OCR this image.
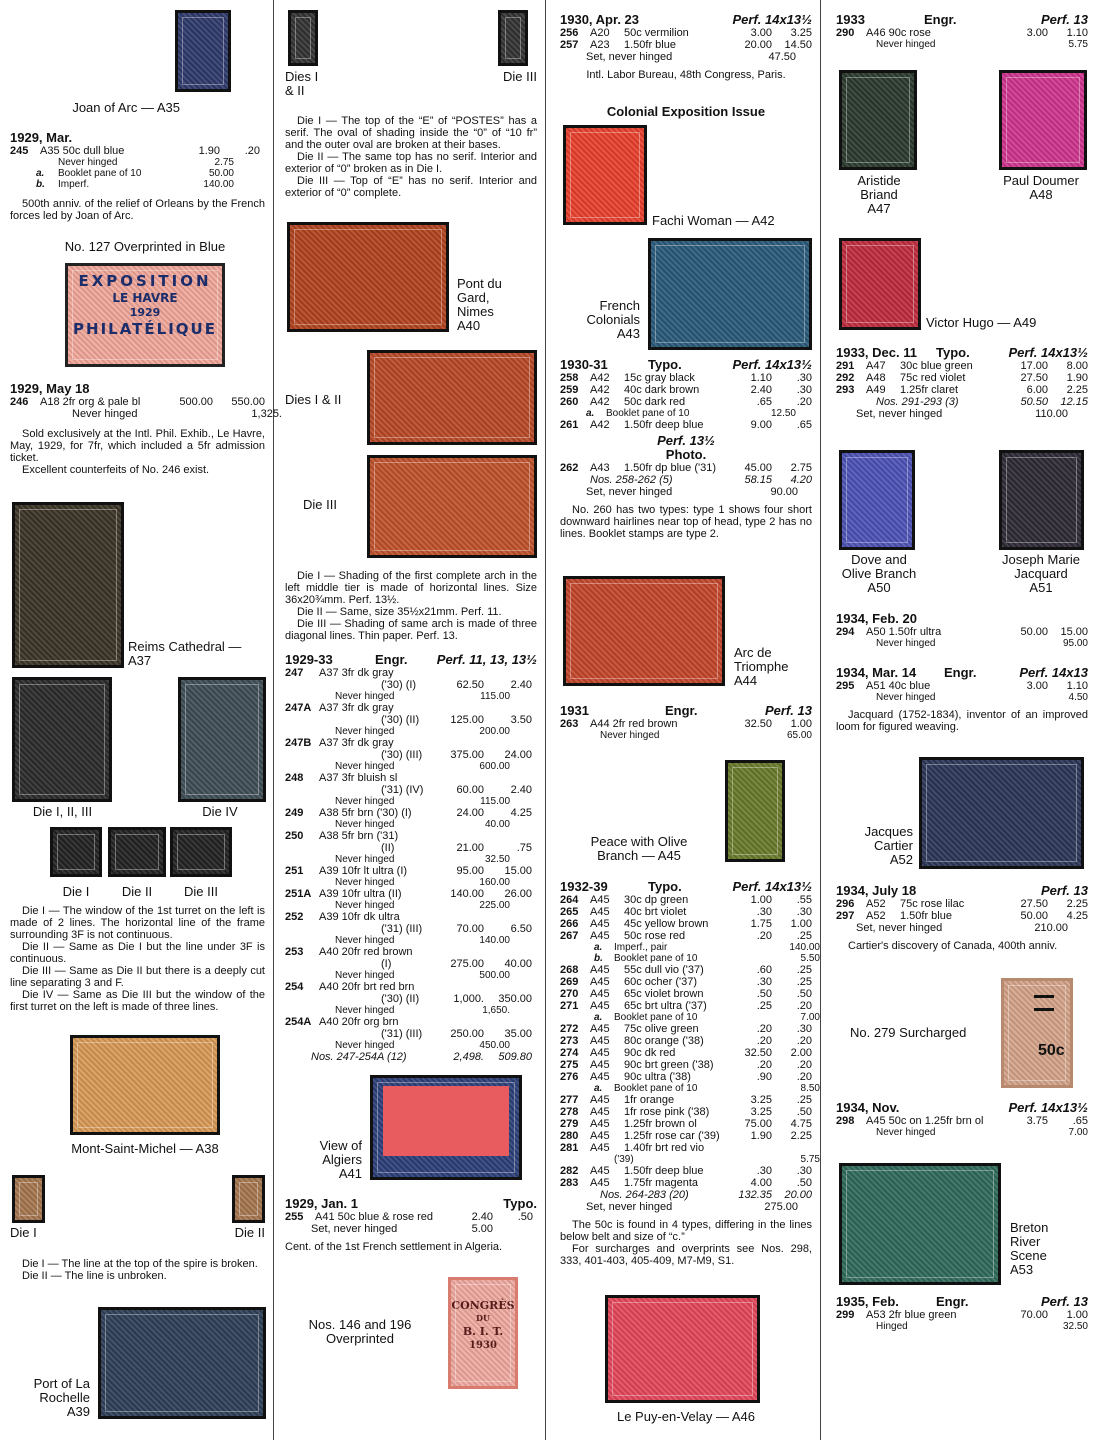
Joan of Arc — A35
1929, Mar.
245	A35 50c dull blue	1.90	.20
Never hinged	2.75
a.	Booklet pane of 10	50.00
b.	Imperf.	140.00
500th anniv. of the relief of Orleans by the French forces led by Joan of Arc.
No. 127 Overprinted in Blue
EXPOSITION
LE HAVRE
1929
PHILATÉLIQUE
1929, May 18
246	A18 2fr org & pale bl	500.00	550.00
Never hinged	1,325.
Sold exclusively at the Intl. Phil. Exhib., Le Havre, May, 1929, for 7fr, which included a 5fr admission ticket.
Excellent counterfeits of No. 246 exist.
Reims Cathedral — A37
Die I, II, III	Die IV
Die I	Die II	Die III
Die I — The window of the 1st turret on the left is made of 2 lines. The horizontal line of the frame surrounding 3F is not continuous.
Die II — Same as Die I but the line under 3F is continuous.
Die III — Same as Die II but there is a deeply cut line separating 3 and F.
Die IV — Same as Die III but the window of the first turret on the left is made of three lines.
Mont-Saint-Michel — A38
Die I	Die II
Die I — The line at the top of the spire is broken.
Die II — The line is unbroken.
Port of La
Rochelle
A39
Dies I & II
Die III
Die I — The top of the “E” of “POSTES” has a serif. The oval of shading inside the “0” of “10 fr” and the outer oval are broken at their bases.
Die II — The same top has no serif. Interior and exterior of “0” broken as in Die I.
Die III — Top of “E” has no serif. Interior and exterior of “0” complete.
Pont du
Gard,
Nimes
A40
Dies I & II
Die III
Die I — Shading of the first complete arch in the left middle tier is made of horizontal lines. Size 36x20¾mm. Perf. 13½.
Die II — Same, size 35½x21mm. Perf. 11.
Die III — Shading of same arch is made of three diagonal lines. Thin paper. Perf. 13.
1929-33	Engr.	Perf. 11, 13, 13½
247	A37 3fr dk gray
('30) (I)	62.50	2.40
Never hinged	115.00
247A A37 3fr dk gray
('30) (II)	125.00	3.50
Never hinged	200.00
247B A37 3fr dk gray
('30) (III)	375.00	24.00
Never hinged	600.00
248	A37 3fr bluish sl
('31) (IV)	60.00	2.40
Never hinged	115.00
249	A38 5fr brn ('30) (I)	24.00	4.25
Never hinged	40.00
250	A38 5fr brn ('31)
(II)	21.00	.75
Never hinged	32.50
251	A39 10fr lt ultra (I)	95.00	15.00
Never hinged	160.00
251A A39 10fr ultra (II)	140.00	26.00
Never hinged	225.00
252	A39 10fr dk ultra
('31) (III)	70.00	6.50
Never hinged	140.00
253	A40 20fr red brown
(I)	275.00	40.00
Never hinged	500.00
254	A40 20fr brt red brn
('30) (II)	1,000.	350.00
Never hinged	1,650.
254A A40 20fr org brn
('31) (III)	250.00	35.00
Never hinged	450.00
Nos. 247-254A (12)	2,498.	509.80
View of
Algiers
A41
1929, Jan. 1	Typo.
255	A41 50c blue & rose red	2.40	.50
Set, never hinged	5.00
Cent. of the 1st French settlement in Algeria.
Nos. 146 and 196
Overprinted
CONGRÈS
DU
B. I. T.
1930
1930, Apr. 23	Perf. 14x13½
256	A20	50c vermilion	3.00	3.25
257	A23	1.50fr blue	20.00	14.50
Set, never hinged	47.50
Intl. Labor Bureau, 48th Congress, Paris.
Colonial Exposition Issue
Fachi Woman — A42
French
Colonials
A43
1930-31	Typo.	Perf. 14x13½
258	A42	15c gray black	1.10	.30
259	A42	40c dark brown	2.40	.30
260	A42	50c dark red	.65	.20
a.	Booklet pane of 10	12.50
261	A42	1.50fr deep blue	9.00	.65
Perf. 13½
Photo.
262	A43	1.50fr dp blue ('31)	45.00	2.75
Nos. 258-262 (5)	58.15	4.20
Set, never hinged	90.00
No. 260 has two types: type 1 shows four short downward hairlines near top of head, type 2 has no lines. Booklet stamps are type 2.
Arc de
Triomphe
A44
1931	Engr.	Perf. 13
263	A44 2fr red brown	32.50	1.00
Never hinged	65.00
Peace with Olive
Branch — A45
1932-39	Typo.	Perf. 14x13½
264	A45	30c dp green	1.00	.55
265	A45	40c brt violet	.30	.30
266	A45	45c yellow brown	1.75	1.00
267	A45	50c rose red	.20	.25
a.	Imperf., pair	140.00
b.	Booklet pane of 10	5.50
268	A45	55c dull vio ('37)	.60	.25
269	A45	60c ocher ('37)	.30	.25
270	A45	65c violet brown	.50	.50
271	A45	65c brt ultra ('37)	.25	.20
a.	Booklet pane of 10	7.00
272	A45	75c olive green	.20	.30
273	A45	80c orange ('38)	.20	.20
274	A45	90c dk red	32.50	2.00
275	A45	90c brt green ('38)	.20	.20
276	A45	90c ultra ('38)	.90	.20
a.	Booklet pane of 10	8.50
277	A45	1fr orange	3.25	.25
278	A45	1fr rose pink ('38)	3.25	.50
279	A45	1.25fr brown ol	75.00	4.75
280	A45	1.25fr rose car ('39)	1.90	2.25
281	A45	1.40fr brt red vio
('39)	5.75
282	A45	1.50fr deep blue	.30	.30
283	A45	1.75fr magenta	4.00	.50
Nos. 264-283 (20)	132.35	20.00
Set, never hinged	275.00
The 50c is found in 4 types, differing in the lines below belt and size of “c.”
For surcharges and overprints see Nos. 298, 333, 401-403, 405-409, M7-M9, S1.
Le Puy-en-Velay — A46
1933	Engr.	Perf. 13
290	A46 90c rose	3.00	1.10
Never hinged	5.75
Aristide
Briand
A47
Paul Doumer
A48
Victor Hugo — A49
1933, Dec. 11	Typo.	Perf. 14x13½
291	A47	30c blue green	17.00	8.00
292	A48	75c red violet	27.50	1.90
293	A49	1.25fr claret	6.00	2.25
Nos. 291-293 (3)	50.50	12.15
Set, never hinged	110.00
Dove and
Olive Branch
A50
Joseph Marie
Jacquard
A51
1934, Feb. 20
294	A50 1.50fr ultra	50.00	15.00
Never hinged	95.00
1934, Mar. 14	Engr.	Perf. 14x13
295	A51 40c blue	3.00	1.10
Never hinged	4.50
Jacquard (1752-1834), inventor of an improved loom for figured weaving.
Jacques
Cartier
A52
1934, July 18	Perf. 13
296	A52	75c rose lilac	27.50	2.25
297	A52	1.50fr blue	50.00	4.25
Set, never hinged	210.00
Cartier's discovery of Canada, 400th anniv.
No. 279 Surcharged
50c
1934, Nov.	Perf. 14x13½
298	A45 50c on 1.25fr brn ol	3.75	.65
Never hinged	7.00
Breton
River
Scene
A53
1935, Feb.	Engr.	Perf. 13
299	A53 2fr blue green	70.00	1.00
Hinged	32.50
